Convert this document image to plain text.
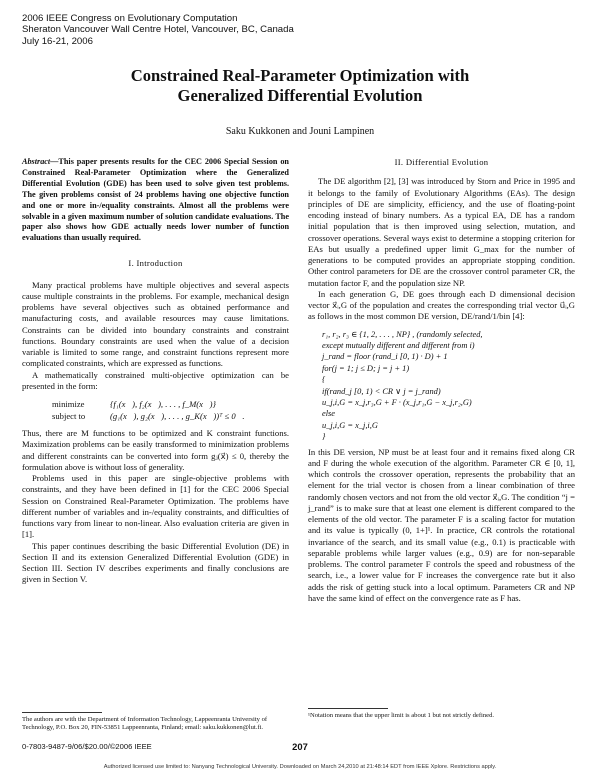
2006 IEEE Congress on Evolutionary Computation
Sheraton Vancouver Wall Centre Hotel, Vancouver, BC, Canada
July 16-21, 2006
Constrained Real-Parameter Optimization with
Generalized Differential Evolution
Saku Kukkonen and Jouni Lampinen
Abstract—This paper presents results for the CEC 2006 Special Session on Constrained Real-Parameter Optimization where the Generalized Differential Evolution (GDE) has been used to solve given test problems. The given problems consist of 24 problems having one objective function and one or more in-/equality constraints. Almost all the problems were solvable in a given maximum number of solution candidate evaluations. The paper also shows how GDE actually needs lower number of function evaluations than usually required.
I. Introduction

Many practical problems have multiple objectives and several aspects cause multiple constraints in the problems. For example, mechanical design problems have several objectives such as obtained performance and manufacturing costs, and available resources may cause limitations. Constraints can be divided into boundary constraints and constraint functions. Boundary constraints are used when the value of a decision variable is limited to some range, and constraint functions represent more complicated constraints, which are expressed as functions.

A mathematically constrained multi-objective optimization can be presented in the form:

minimize	{f₁(x⃗), f₂(x⃗), . . . , f_M(x⃗)}
subject to	(g₁(x⃗), g₂(x⃗), . . . , g_K(x⃗))ᵀ ≤ 0⃗.

Thus, there are M functions to be optimized and K constraint functions. Maximization problems can be easily transformed to minimization problems and different constraints can be converted into form gⱼ(x⃗) ≤ 0, thereby the formulation above is without loss of generality.

Problems used in this paper are single-objective problems with constraints, and they have been defined in [1] for the CEC 2006 Special Session on Constrained Real-Parameter Optimization. The problems have different number of variables and in-/equality constraints, and difficulties of functions vary from linear to non-linear. Also evaluation criteria are given in [1].

This paper continues describing the basic Differential Evolution (DE) in Section II and its extension Generalized Differential Evolution (GDE) in Section III. Section IV describes experiments and finally conclusions are given in Section V.

The authors are with the Department of Information Technology, Lappeenranta University of Technology, P.O. Box 20, FIN-53851 Lappeenranta, Finland; email: saku.kukkonen@lut.fi.
II. Differential Evolution

The DE algorithm [2], [3] was introduced by Storn and Price in 1995 and it belongs to the family of Evolutionary Algorithms (EAs). The design principles of DE are simplicity, efficiency, and the use of floating-point encoding instead of binary numbers. As a typical EA, DE has a random initial population that is then improved using selection, mutation, and crossover operations. Several ways exist to determine a stopping criterion for EAs but usually a predefined upper limit G_max for the number of generations to be computed provides an appropriate stopping condition. Other control parameters for DE are the crossover control parameter CR, the mutation factor F, and the population size NP.

In each generation G, DE goes through each D dimensional decision vector x⃗ᵢ,G of the population and creates the corresponding trial vector u⃗ᵢ,G as follows in the most common DE version, DE/rand/1/bin [4]:

r₁, r₂, r₃ ∈ {1, 2, . . . , NP} , (randomly selected,
except mutually different and different from i)
j_rand = floor (rand_i [0, 1) · D) + 1
for(j = 1; j ≤ D; j = j + 1)
{
if(rand_j [0, 1) < CR ∨ j = j_rand)
u_j,i,G = x_j,r₃,G + F · (x_j,r₁,G − x_j,r₂,G)
else
u_j,i,G = x_j,i,G
}

In this DE version, NP must be at least four and it remains fixed along CR and F during the whole execution of the algorithm. Parameter CR ∈ [0, 1], which controls the crossover operation, represents the probability that an element for the trial vector is chosen from a linear combination of three randomly chosen vectors and not from the old vector x⃗ᵢ,G. The condition “j = j_rand” is to make sure that at least one element is different compared to the elements of the old vector. The parameter F is a scaling factor for mutation and its value is typically (0, 1+]¹. In practice, CR controls the rotational invariance of the search, and its small value (e.g., 0.1) is practicable with separable problems while larger values (e.g., 0.9) are for non-separable problems. The control parameter F controls the speed and robustness of the search, i.e., a lower value for F increases the convergence rate but it also adds the risk of getting stuck into a local optimum. Parameters CR and NP have the same kind of effect on the convergence rate as F has.

¹Notation means that the upper limit is about 1 but not strictly defined.
0-7803-9487-9/06/$20.00/©2006 IEEE	207
Authorized licensed use limited to: Nanyang Technological University. Downloaded on March 24,2010 at 21:48:14 EDT from IEEE Xplore. Restrictions apply.
